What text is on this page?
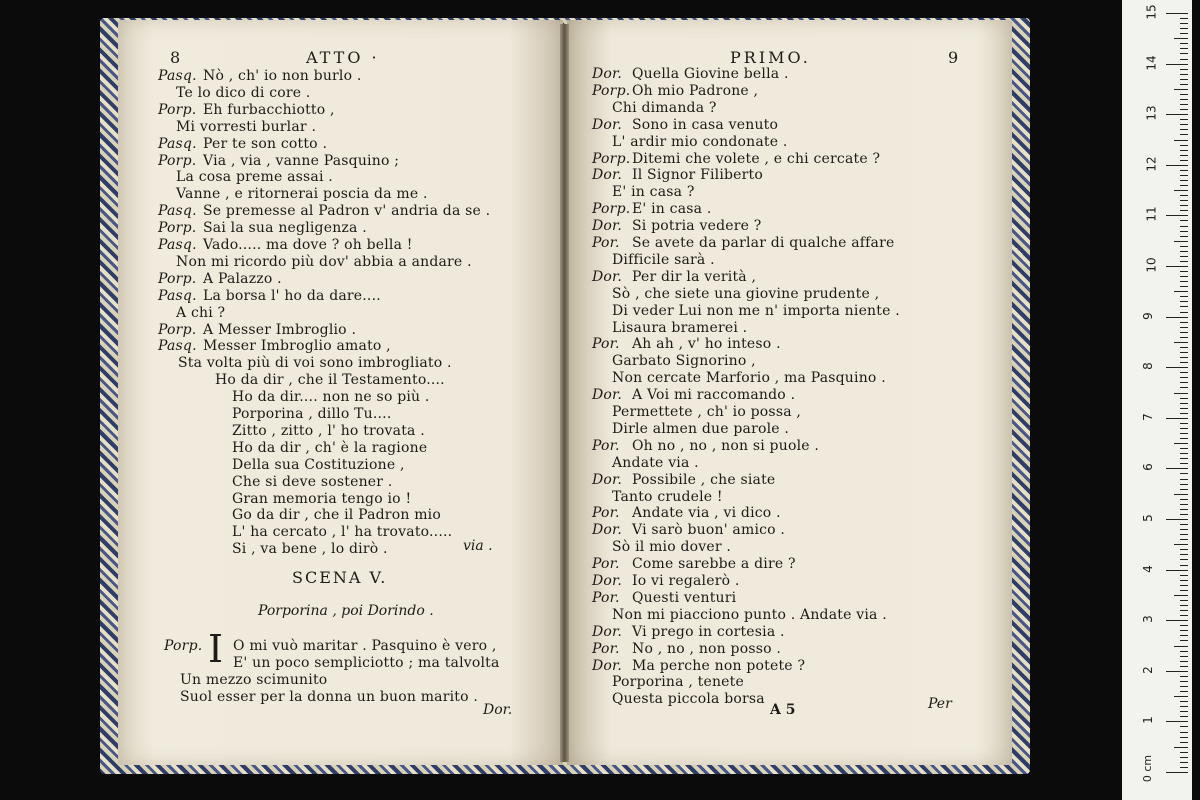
8	ATTO ·
Pasq. Nò , ch' io non burlo .
Te lo dico di core .
Porp. Eh furbacchiotto ,
Mi vorresti burlar .
Pasq. Per te son cotto .
Porp. Via , via , vanne Pasquino ;
La cosa preme assai .
Vanne , e ritornerai poscia da me .
Pasq. Se premesse al Padron v' andria da se .
Porp. Sai la sua negligenza .
Pasq. Vado..... ma dove ? oh bella !
Non mi ricordo più dov' abbia a andare .
Porp. A Palazzo .
Pasq. La borsa l' ho da dare....
A chi ?
Porp. A Messer Imbroglio .
Pasq. Messer Imbroglio amato ,
Sta volta più di voi sono imbrogliato .
Ho da dir , che il Testamento....
Ho da dir.... non ne so più .
Porporina , dillo Tu....
Zitto , zitto , l' ho trovata .
Ho da dir , ch' è la ragione
Della sua Costituzione ,
Che si deve sostener .
Gran memoria tengo io !
Go da dir , che il Padron mio
L' ha cercato , l' ha trovato.....
Si , va bene , lo dirò .	via .
SCENA V.
Porporina , poi Dorindo .
Porp. I O mi vuò maritar . Pasquino è vero ,
E' un poco sempliciotto ; ma talvolta
Un mezzo scimunito
Suol esser per la donna un buon marito .
Dor.
PRIMO.	9
Dor. Quella Giovine bella .
Porp. Oh mio Padrone ,
Chi dimanda ?
Dor. Sono in casa venuto
L' ardir mio condonate .
Porp. Ditemi che volete , e chi cercate ?
Dor. Il Signor Filiberto
E' in casa ?
Porp. E' in casa .
Dor. Si potria vedere ?
Por. Se avete da parlar di qualche affare
Difficile sarà .
Dor. Per dir la verità ,
Sò , che siete una giovine prudente ,
Di veder Lui non me n' importa niente .
Lisaura bramerei .
Por. Ah ah , v' ho inteso .
Garbato Signorino ,
Non cercate Marforio , ma Pasquino .
Dor. A Voi mi raccomando .
Permettete , ch' io possa ,
Dirle almen due parole .
Por. Oh no , no , non si puole .
Andate via .
Dor. Possibile , che siate
Tanto crudele !
Por. Andate via , vi dico .
Dor. Vi sarò buon' amico .
Sò il mio dover .
Por. Come sarebbe a dire ?
Dor. Io vi regalerò .
Por. Questi venturi
Non mi piacciono punto . Andate via .
Dor. Vi prego in cortesia .
Por. No , no , non posso .
Dor. Ma perche non potete ?
Porporina , tenete
Questa piccola borsa
A 5	Per
1
2
3
4
5
6
7
8
9
10
11
12
13
14
15
0 cm
